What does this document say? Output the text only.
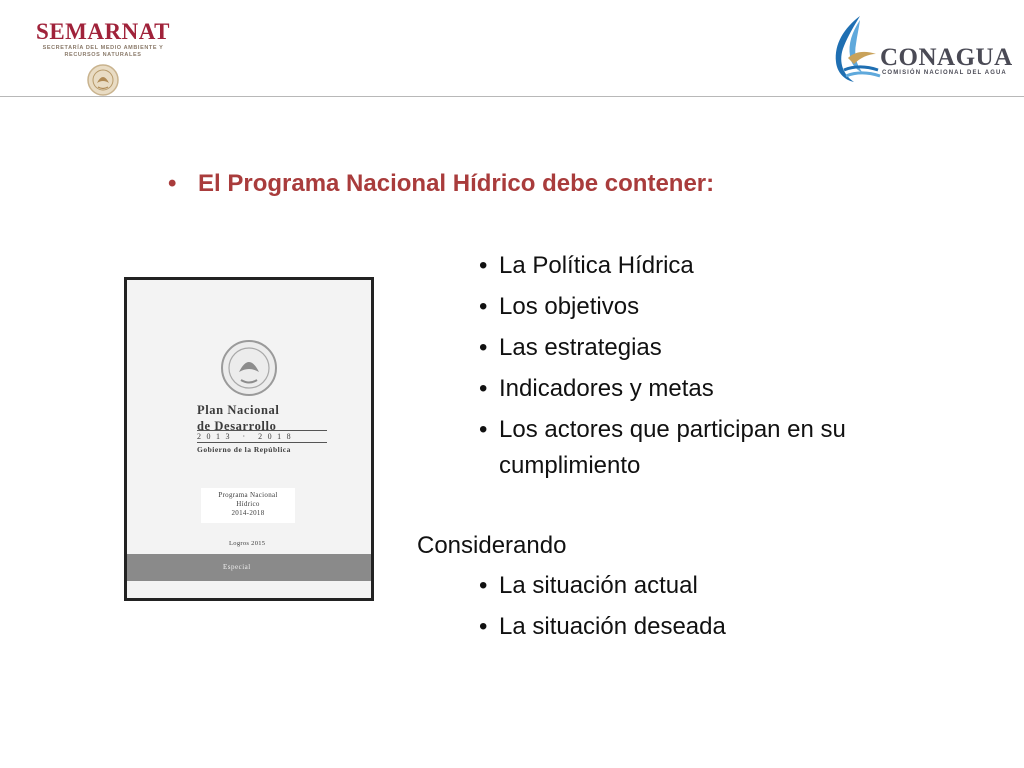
SEMARNAT
SECRETARÍA DEL MEDIO AMBIENTE Y
RECURSOS NATURALES	CONAGUA
COMISIÓN NACIONAL DEL AGUA
• El Programa Nacional Hídrico debe contener:
• La Política Hídrica
• Los objetivos
• Las estrategias
• Indicadores y metas
• Los actores que participan en su cumplimiento
Considerando
• La situación actual
• La situación deseada
Plan Nacional
de Desarrollo
2013 · 2018
Gobierno de la República
Programa Nacional
Hídrico
2014-2018
Logros 2015
Especial
